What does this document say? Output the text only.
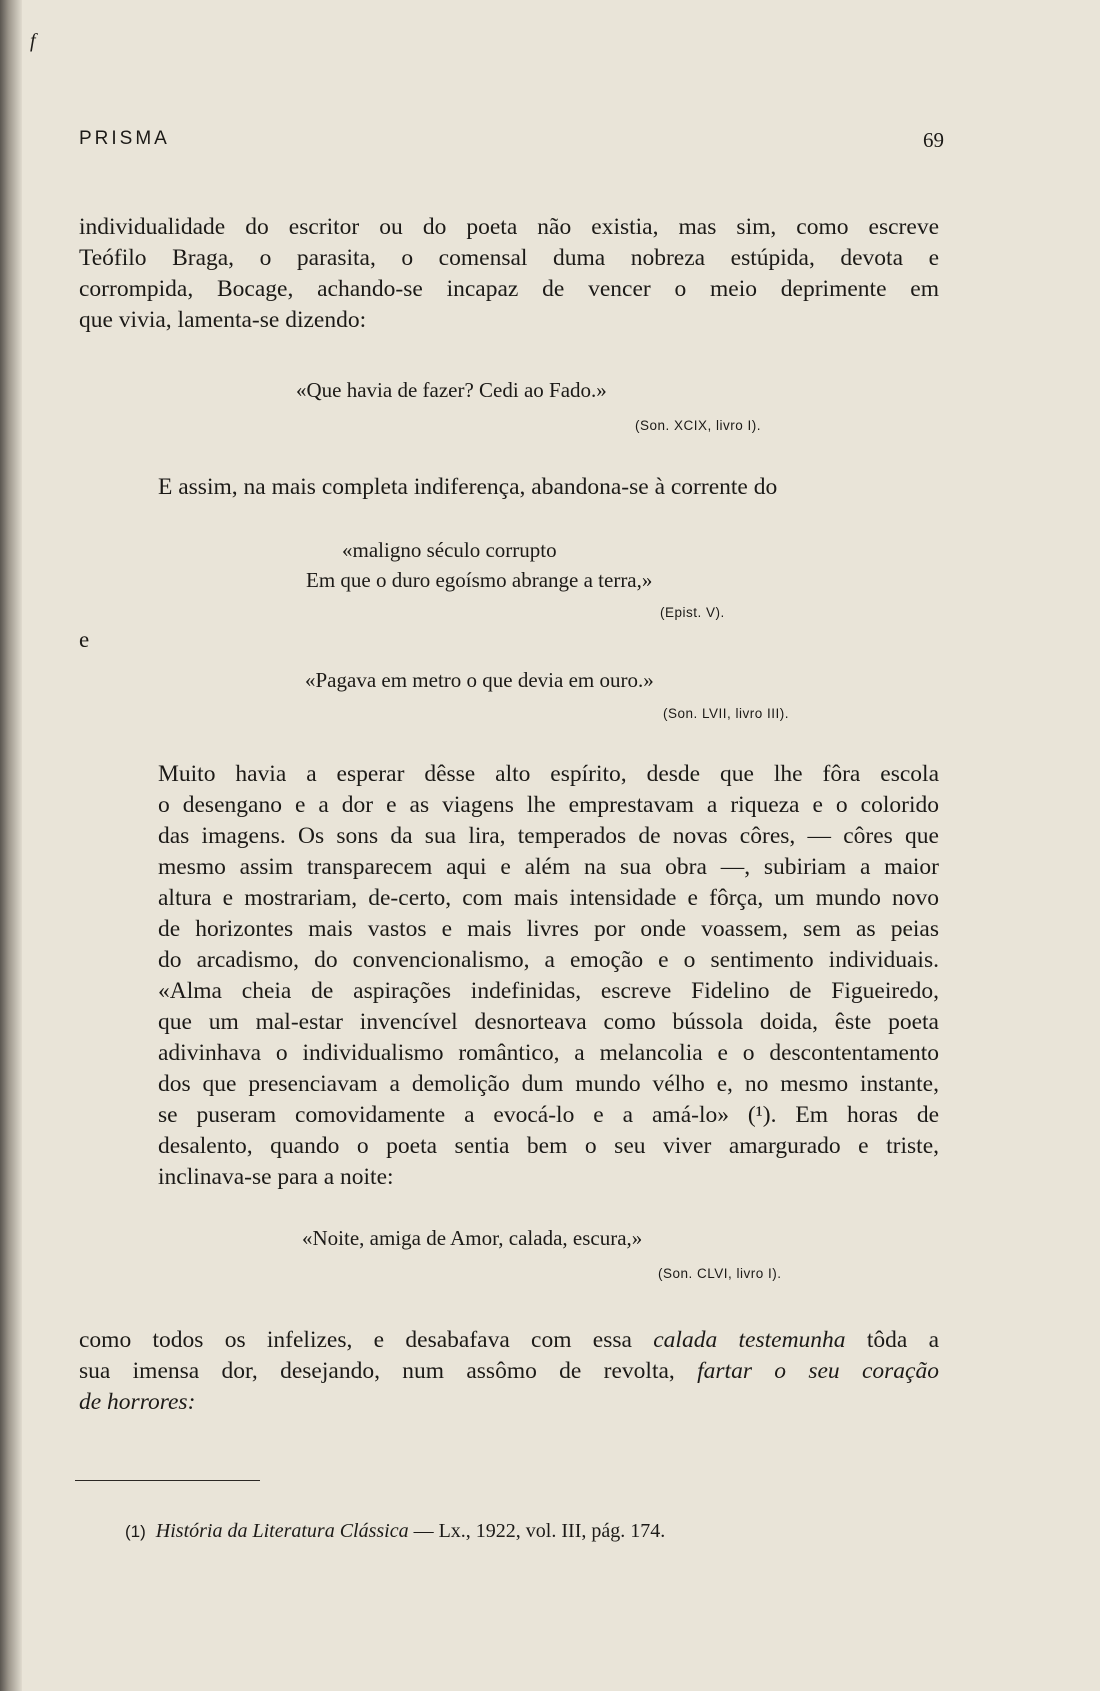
f
PRISMA	69

individualidade do escritor ou do poeta não existia, mas sim, como escreve
Teófilo Braga, o parasita, o comensal duma nobreza estúpida, devota e
corrompida, Bocage, achando-se incapaz de vencer o meio deprimente em
que vivia, lamenta-se dizendo:

«Que havia de fazer? Cedi ao Fado.»
(Son. XCIX, livro I).

E assim, na mais completa indiferença, abandona-se à corrente do

«maligno século corrupto
Em que o duro egoísmo abrange a terra,»
(Epist. V).
e
«Pagava em metro o que devia em ouro.»
(Son. LVII, livro III).

Muito havia a esperar dêsse alto espírito, desde que lhe fôra escola
o desengano e a dor e as viagens lhe emprestavam a riqueza e o colorido
das imagens. Os sons da sua lira, temperados de novas côres, — côres que
mesmo assim transparecem aqui e além na sua obra —, subiriam a maior
altura e mostrariam, de-certo, com mais intensidade e fôrça, um mundo novo
de horizontes mais vastos e mais livres por onde voassem, sem as peias
do arcadismo, do convencionalismo, a emoção e o sentimento individuais.
«Alma cheia de aspirações indefinidas, escreve Fidelino de Figueiredo,
que um mal-estar invencível desnorteava como bússola doida, êste poeta
adivinhava o individualismo romântico, a melancolia e o descontentamento
dos que presenciavam a demolição dum mundo vélho e, no mesmo instante,
se puseram comovidamente a evocá-lo e a amá-lo» (¹). Em horas de
desalento, quando o poeta sentia bem o seu viver amargurado e triste,
inclinava-se para a noite:

«Noite, amiga de Amor, calada, escura,»
(Son. CLVI, livro I).

como todos os infelizes, e desabafava com essa calada testemunha tôda a
sua imensa dor, desejando, num assômo de revolta, fartar o seu coração
de horrores:

(1) História da Literatura Clássica — Lx., 1922, vol. III, pág. 174.
